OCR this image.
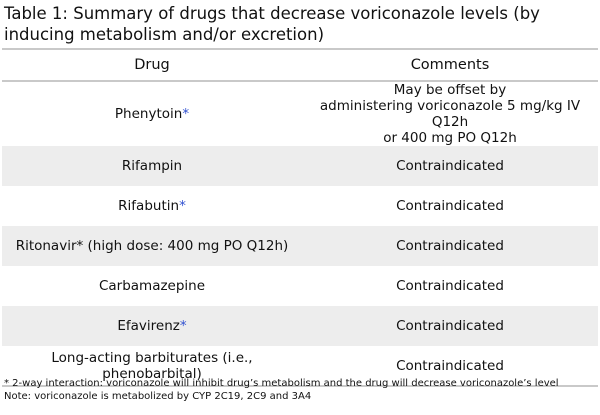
Table 1: Summary of drugs that decrease voriconazole levels (by inducing metabolism and/or excretion)
Drug	Comments
Phenytoin*	May be offset by
administering voriconazole 5 mg/kg IV Q12h
or 400 mg PO Q12h

Rifampin	Contraindicated
Rifabutin*	Contraindicated
Ritonavir* (high dose: 400 mg PO Q12h)	Contraindicated
Carbamazepine	Contraindicated
Efavirenz*	Contraindicated
Long-acting barbiturates (i.e., phenobarbital)	Contraindicated
* 2-way interaction: voriconazole will inhibit drug’s metabolism and the drug will decrease voriconazole’s level
Note: voriconazole is metabolized by CYP 2C19, 2C9 and 3A4
